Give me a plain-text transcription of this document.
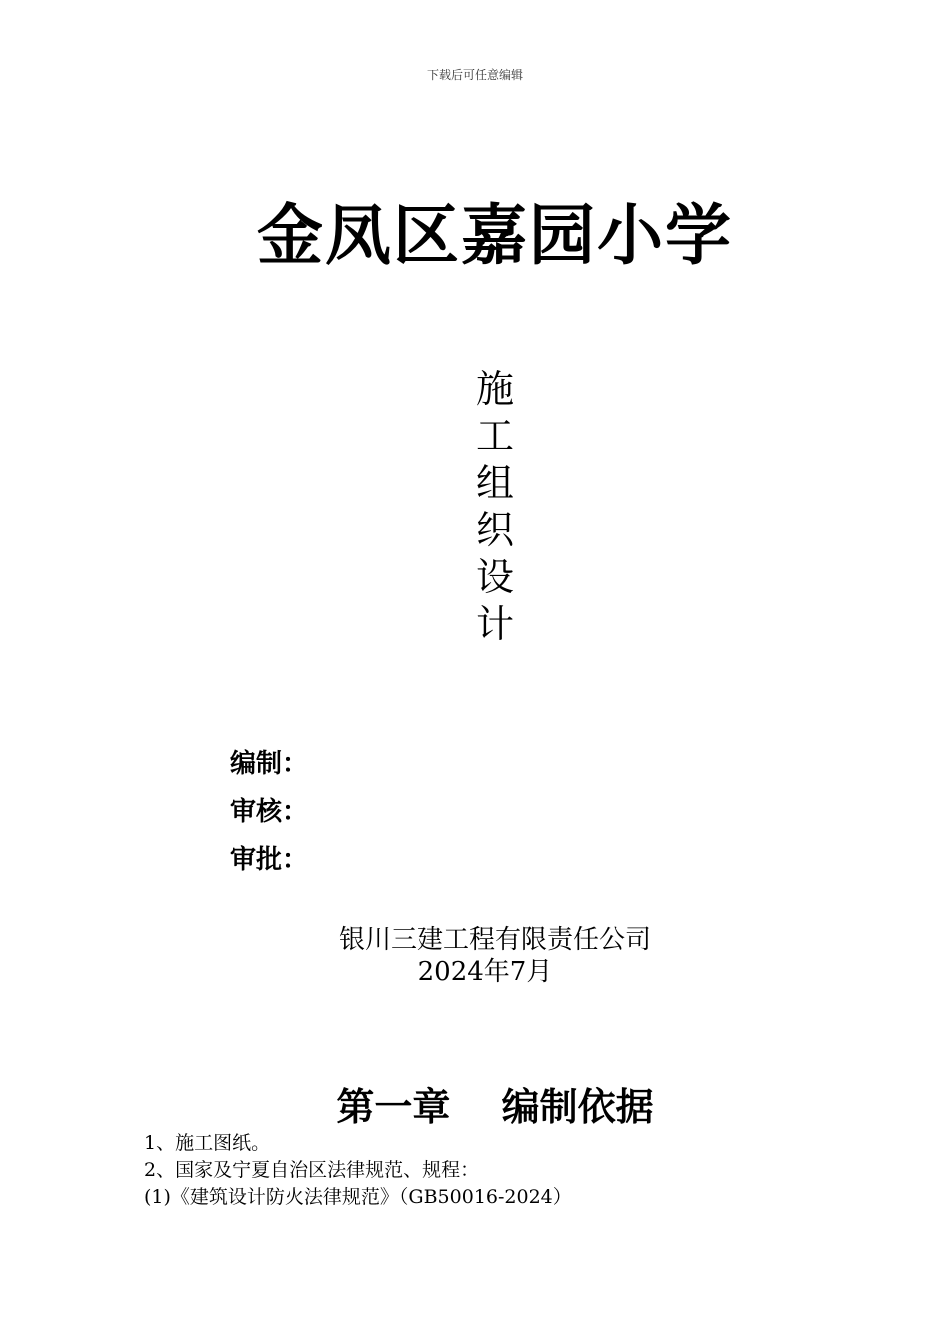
下载后可任意编辑
金凤区嘉园小学
施
工
组
织
设
计
编制：
审核：
审批：
银川三建工程有限责任公司
2024年7月
第一章　 编制依据
1、施工图纸。
2、国家及宁夏自治区法律规范、规程：
(1)《建筑设计防火法律规范》（GB50016-2024）
